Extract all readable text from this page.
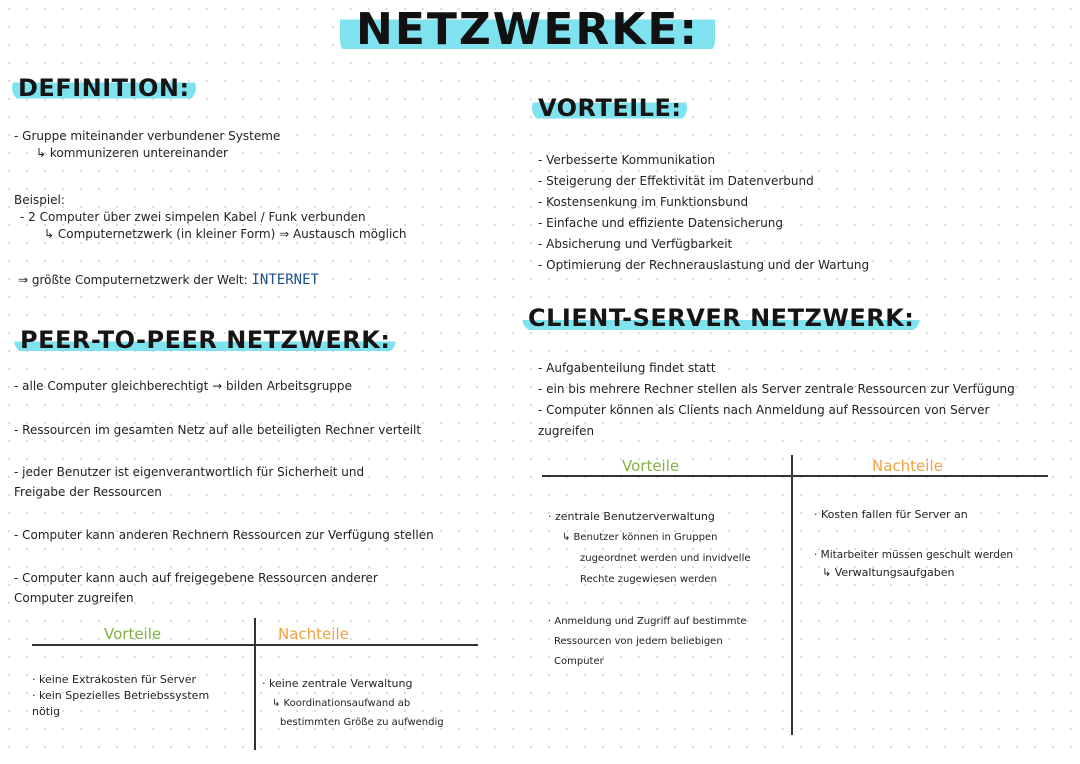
NETZWERKE:
DEFINITION:
- Gruppe miteinander verbundener Systeme
↳ kommunizeren untereinander
Beispiel:
- 2 Computer über zwei simpelen Kabel / Funk verbunden
↳ Computernetzwerk (in kleiner Form) ⇒ Austausch möglich
⇒ größte Computernetzwerk der Welt: INTERNET
PEER-TO-PEER NETZWERK:
- alle Computer gleichberechtigt → bilden Arbeitsgruppe
- Ressourcen im gesamten Netz auf alle beteiligten Rechner verteilt
- jeder Benutzer ist eigenverantwortlich für Sicherheit und
Freigabe der Ressourcen
- Computer kann anderen Rechnern Ressourcen zur Verfügung stellen
- Computer kann auch auf freigegebene Ressourcen anderer
Computer zugreifen
Vorteile	Nachteile
· keine Extrakosten für Server
· kein Spezielles Betriebssystem
nötig
· keine zentrale Verwaltung
↳ Koordinationsaufwand ab
bestimmten Größe zu aufwendig
VORTEILE:
- Verbesserte Kommunikation
- Steigerung der Effektivität im Datenverbund
- Kostensenkung im Funktionsbund
- Einfache und effiziente Datensicherung
- Absicherung und Verfügbarkeit
- Optimierung der Rechnerauslastung und der Wartung
CLIENT-SERVER NETZWERK:
- Aufgabenteilung findet statt
- ein bis mehrere Rechner stellen als Server zentrale Ressourcen zur Verfügung
- Computer können als Clients nach Anmeldung auf Ressourcen von Server
zugreifen
Vorteile	Nachteile
· zentrale Benutzerverwaltung
↳ Benutzer können in Gruppen
zugeordnet werden und invidvelle
Rechte zugewiesen werden
· Anmeldung und Zugriff auf bestimmte
Ressourcen von jedem beliebigen
Computer
· Kosten fallen für Server an
· Mitarbeiter müssen geschult werden
↳ Verwaltungsaufgaben
